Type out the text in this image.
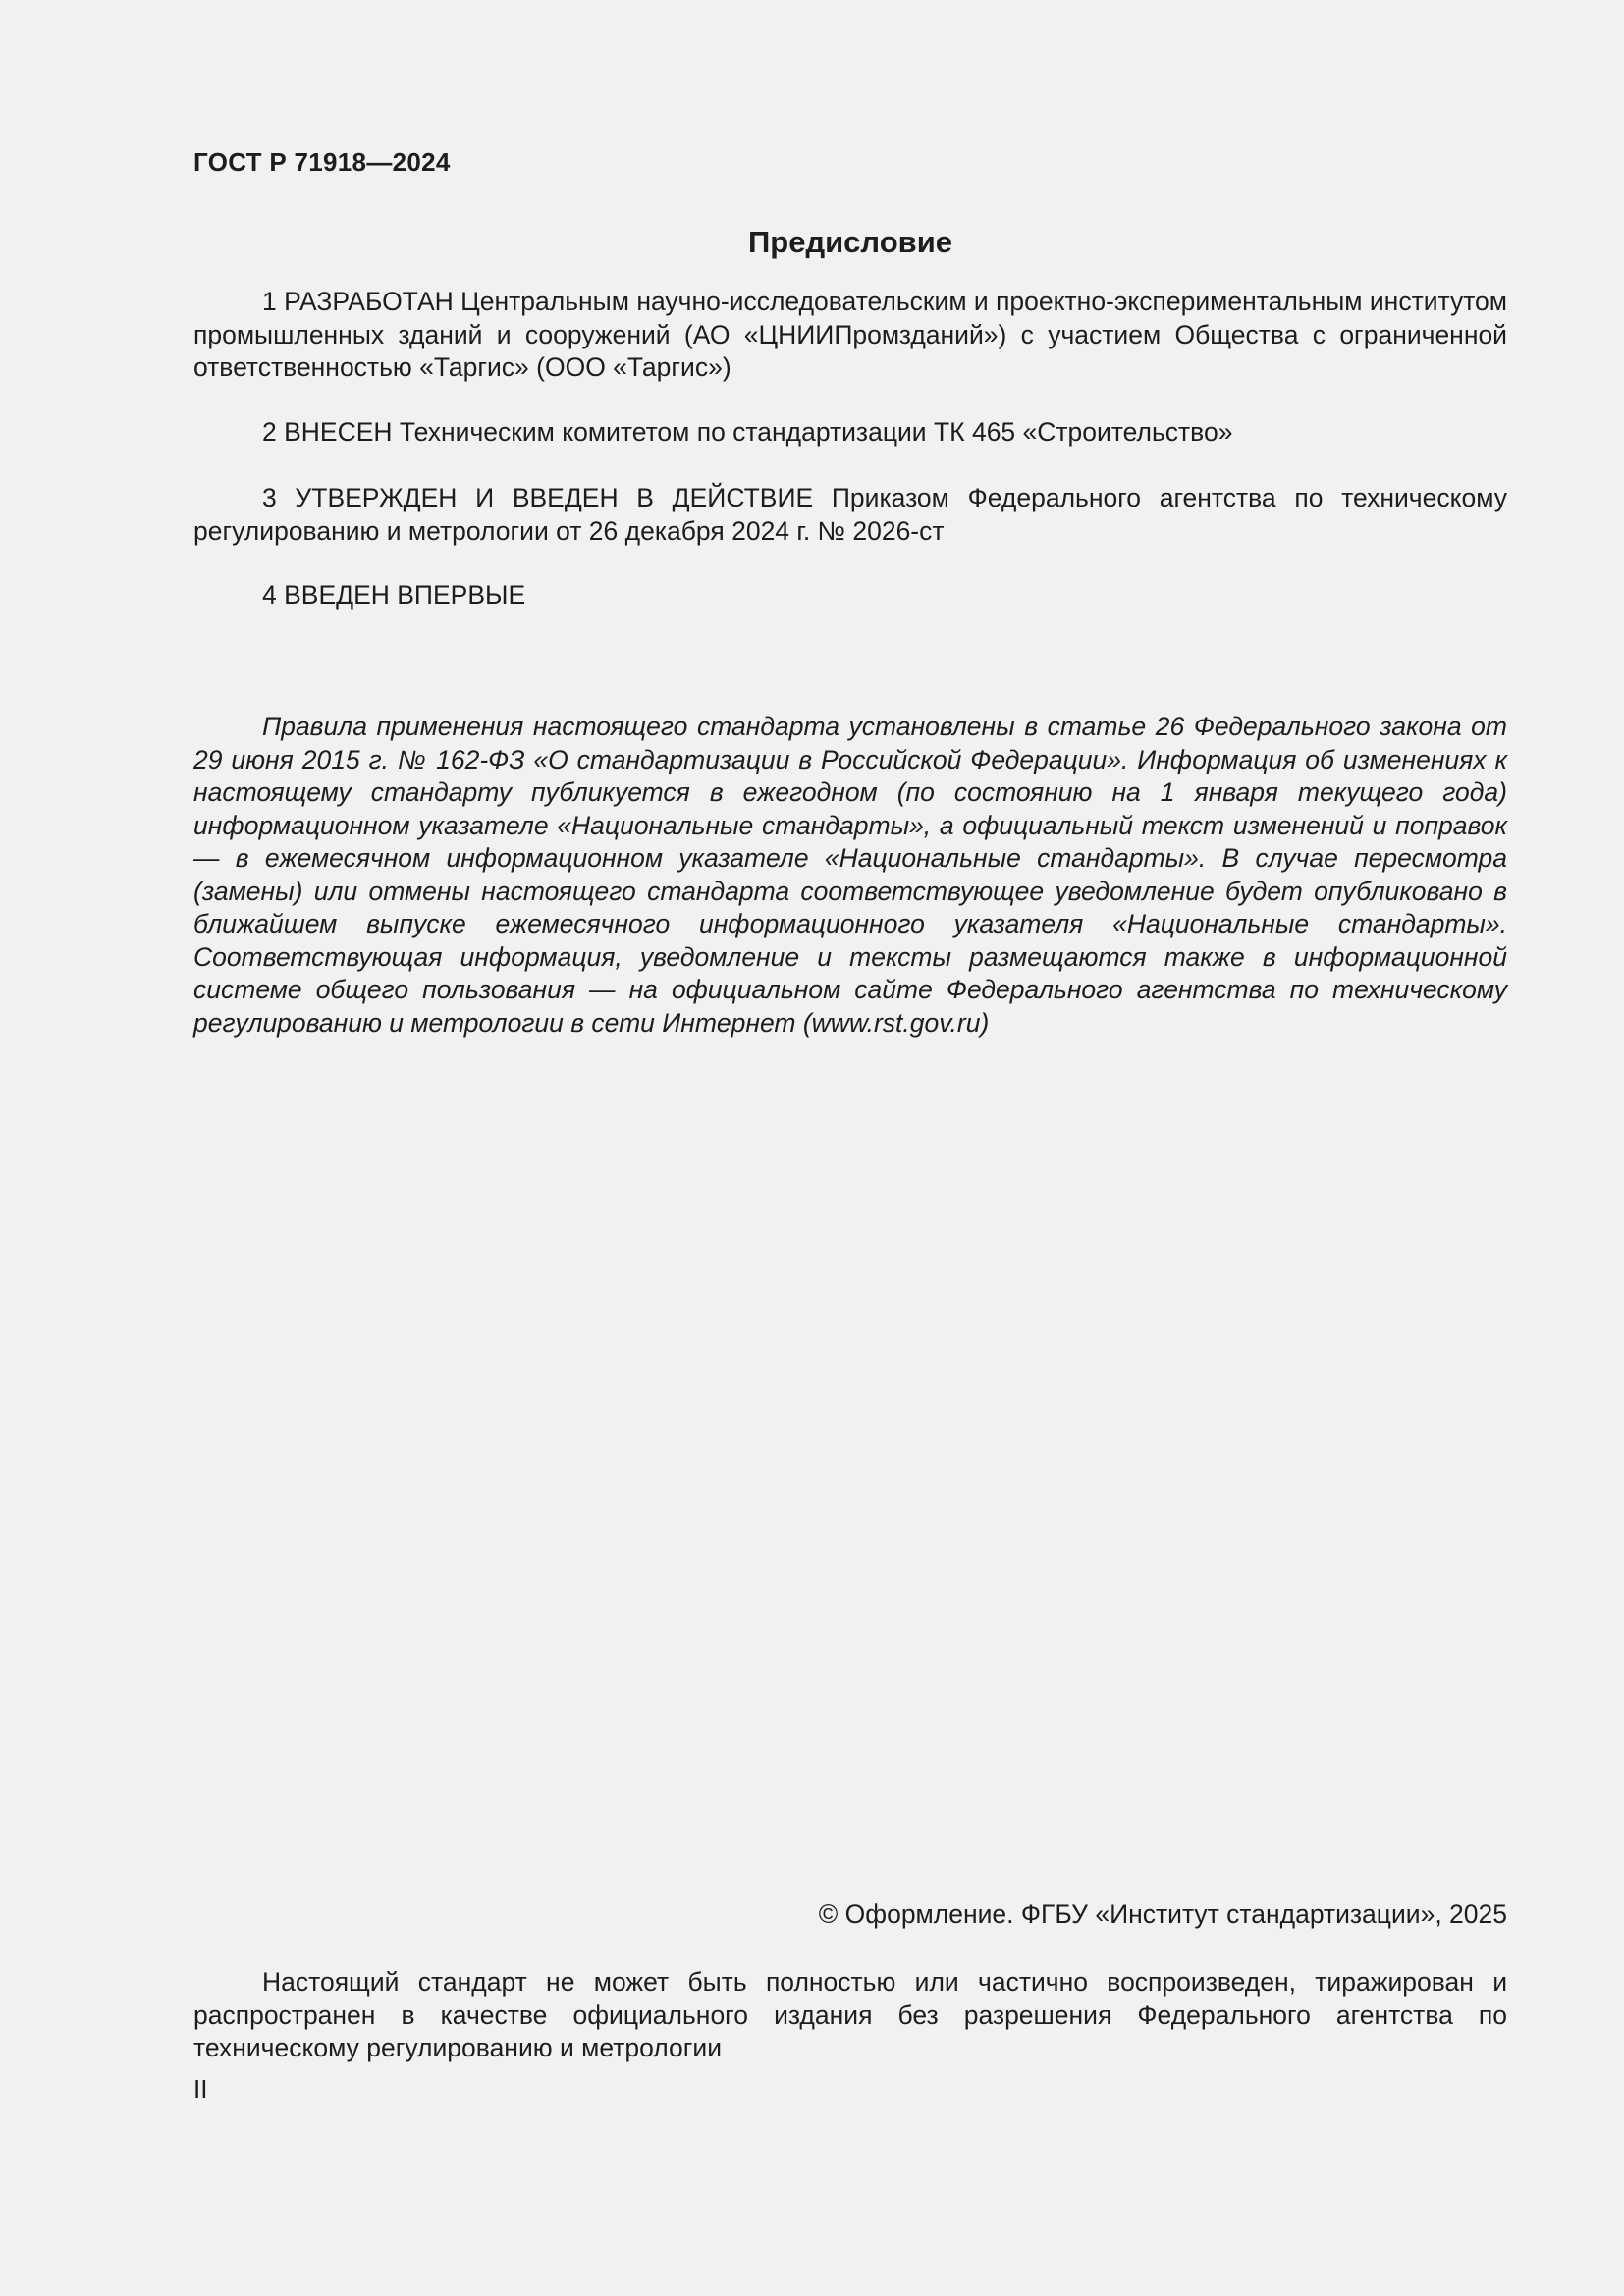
ГОСТ Р 71918—2024
Предисловие

1 РАЗРАБОТАН Центральным научно-исследовательским и проектно-экспериментальным институтом промышленных зданий и сооружений (АО «ЦНИИПромзданий») с участием Общества с ограниченной ответственностью «Таргис» (ООО «Таргис»)

2 ВНЕСЕН Техническим комитетом по стандартизации ТК 465 «Строительство»

3 УТВЕРЖДЕН И ВВЕДЕН В ДЕЙСТВИЕ Приказом Федерального агентства по техническому регулированию и метрологии от 26 декабря 2024 г. № 2026-ст

4 ВВЕДЕН ВПЕРВЫЕ

Правила применения настоящего стандарта установлены в статье 26 Федерального закона от 29 июня 2015 г. № 162-ФЗ «О стандартизации в Российской Федерации». Информация об изменениях к настоящему стандарту публикуется в ежегодном (по состоянию на 1 января текущего года) информационном указателе «Национальные стандарты», а официальный текст изменений и поправок — в ежемесячном информационном указателе «Национальные стандарты». В случае пересмотра (замены) или отмены настоящего стандарта соответствующее уведомление будет опубликовано в ближайшем выпуске ежемесячного информационного указателя «Национальные стандарты». Соответствующая информация, уведомление и тексты размещаются также в информационной системе общего пользования — на официальном сайте Федерального агентства по техническому регулированию и метрологии в сети Интернет (www.rst.gov.ru)

© Оформление. ФГБУ «Институт стандартизации», 2025

Настоящий стандарт не может быть полностью или частично воспроизведен, тиражирован и распространен в качестве официального издания без разрешения Федерального агентства по техническому регулированию и метрологии

II
